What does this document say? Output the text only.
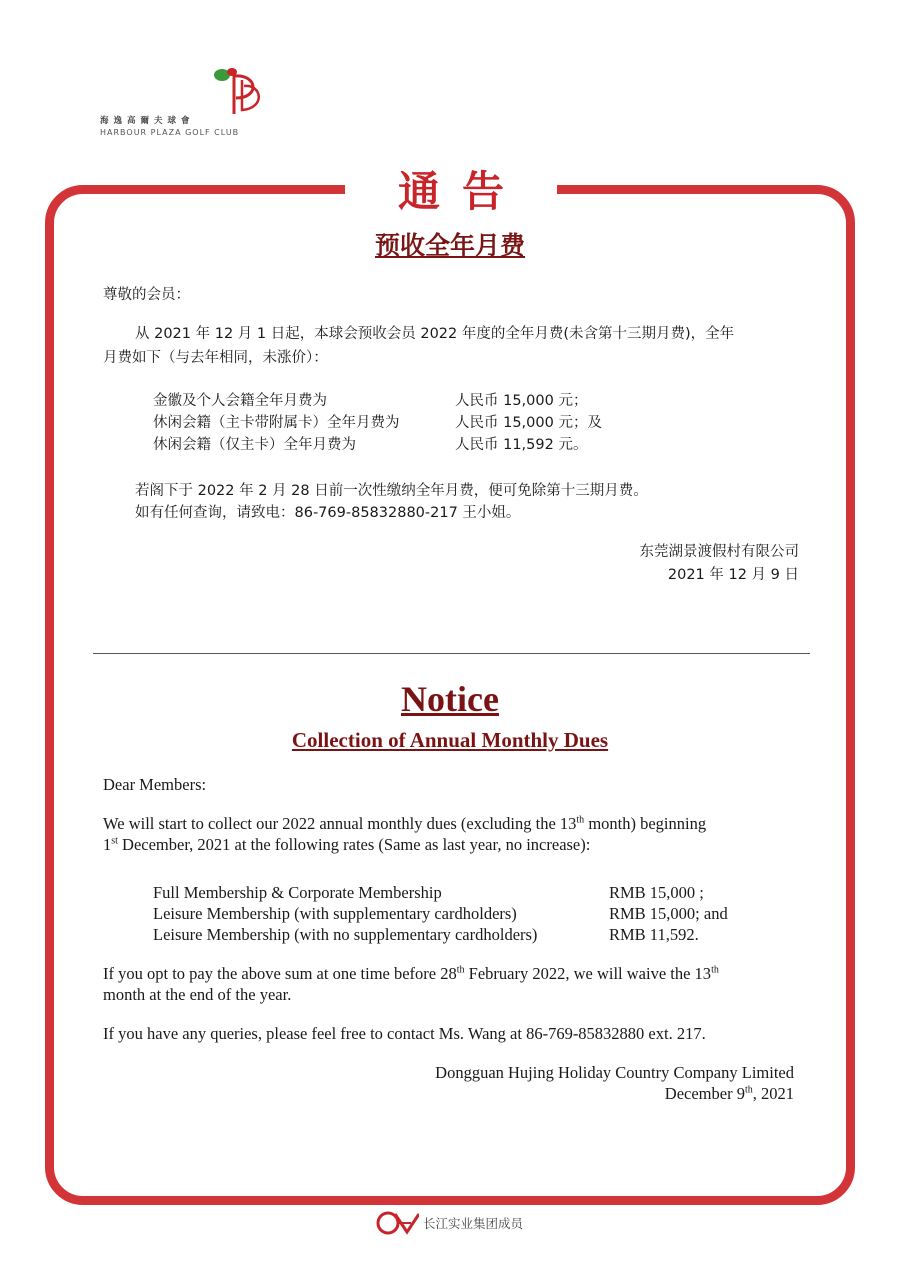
海逸高爾夫球會
HARBOUR PLAZA GOLF CLUB
通告
预收全年月费
尊敬的会员：
从 2021 年 12 月 1 日起，本球会预收会员 2022 年度的全年月费(未含第十三期月费)，全年
月费如下（与去年相同，未涨价）：
金徽及个人会籍全年月费为	人民币 15,000 元；
休闲会籍（主卡带附属卡）全年月费为	人民币 15,000 元；及
休闲会籍（仅主卡）全年月费为	人民币 11,592 元。
若阁下于 2022 年 2 月 28 日前一次性缴纳全年月费，便可免除第十三期月费。
如有任何查询，请致电：86-769-85832880-217 王小姐。
东莞湖景渡假村有限公司
2021 年 12 月 9 日
Notice
Collection of Annual Monthly Dues
Dear Members:
We will start to collect our 2022 annual monthly dues (excluding the 13th month) beginning
1st December, 2021 at the following rates (Same as last year, no increase):
Full Membership & Corporate Membership	RMB 15,000 ;
Leisure Membership (with supplementary cardholders)	RMB 15,000; and
Leisure Membership (with no supplementary cardholders)	RMB 11,592.
If you opt to pay the above sum at one time before 28th February 2022, we will waive the 13th
month at the end of the year.
If you have any queries, please feel free to contact Ms. Wang at 86-769-85832880 ext. 217.
Dongguan Hujing Holiday Country Company Limited
December 9th, 2021
长江实业集团成员
